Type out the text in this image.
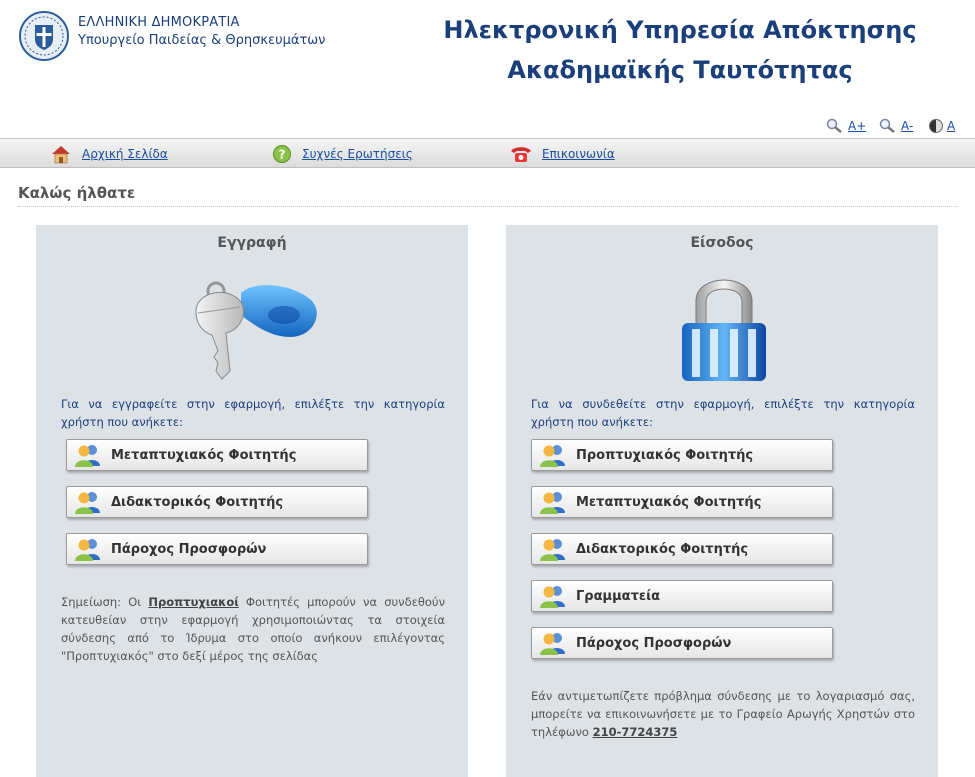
ΕΛΛΗΝΙΚΗ ΔΗΜΟΚΡΑΤΙΑ
Υπουργείο Παιδείας & Θρησκευμάτων	Ηλεκτρονική Υπηρεσία Απόκτησης
Ακαδημαϊκής Ταυτότητας
A+	A-	A
Αρχική Σελίδα	? Συχνές Ερωτήσεις	Επικοινωνία
Καλώς ήλθατε
Εγγραφή
Για να εγγραφείτε στην εφαρμογή, επιλέξτε την κατηγορία χρήστη που ανήκετε:
Μεταπτυχιακός Φοιτητής
Διδακτορικός Φοιτητής
Πάροχος Προσφορών
Σημείωση: Οι Προπτυχιακοί Φοιτητές μπορούν να συνδεθούν κατευθείαν στην εφαρμογή χρησιμοποιώντας τα στοιχεία σύνδεσης από το Ίδρυμα στο οποίο ανήκουν επιλέγοντας "Προπτυχιακός" στο δεξί μέρος της σελίδας
Είσοδος
Για να συνδεθείτε στην εφαρμογή, επιλέξτε την κατηγορία χρήστη που ανήκετε:
Προπτυχιακός Φοιτητής
Μεταπτυχιακός Φοιτητής
Διδακτορικός Φοιτητής
Γραμματεία
Πάροχος Προσφορών
Εάν αντιμετωπίζετε πρόβλημα σύνδεσης με το λογαριασμό σας, μπορείτε να επικοινωνήσετε με το Γραφείο Αρωγής Χρηστών στο τηλέφωνο 210-7724375
